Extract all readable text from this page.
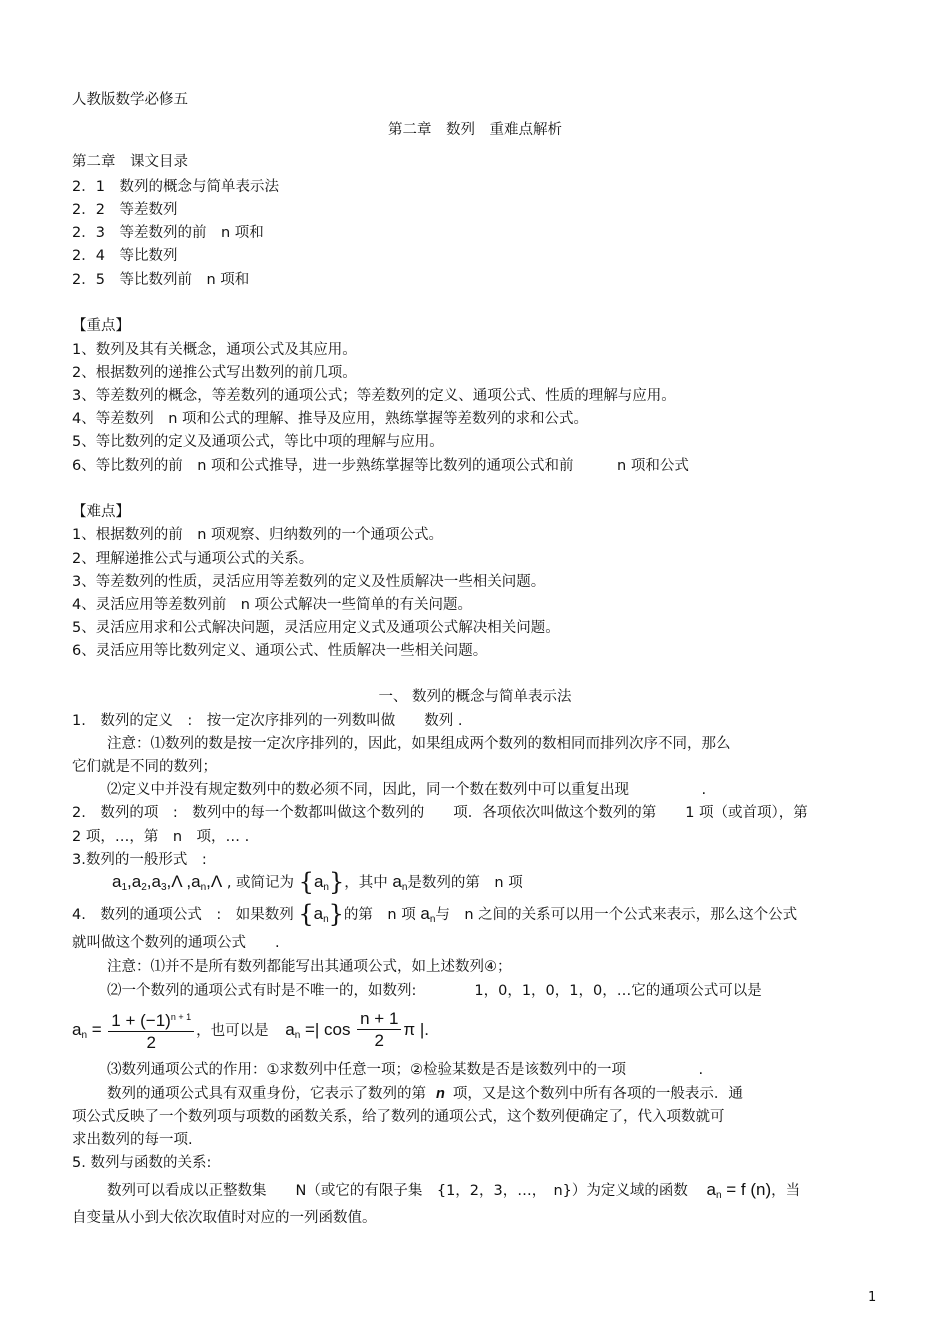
人教版数学必修五
第二章　数列　重难点解析
第二章　课文目录
2．1　数列的概念与简单表示法
2．2　等差数列
2．3　等差数列的前　n 项和
2．4　等比数列
2．5　等比数列前　n 项和
【重点】
1、数列及其有关概念，通项公式及其应用。
2、根据数列的递推公式写出数列的前几项。
3、等差数列的概念，等差数列的通项公式；等差数列的定义、通项公式、性质的理解与应用。
4、等差数列　n 项和公式的理解、推导及应用，熟练掌握等差数列的求和公式。
5、等比数列的定义及通项公式，等比中项的理解与应用。
6、等比数列的前　n 项和公式推导，进一步熟练掌握等比数列的通项公式和前　　　n 项和公式
【难点】
1、根据数列的前　n 项观察、归纳数列的一个通项公式。
2、理解递推公式与通项公式的关系。
3、等差数列的性质，灵活应用等差数列的定义及性质解决一些相关问题。
4、灵活应用等差数列前　n 项公式解决一些简单的有关问题。
5、灵活应用求和公式解决问题，灵活应用定义式及通项公式解决相关问题。
6、灵活应用等比数列定义、通项公式、性质解决一些相关问题。
一、 数列的概念与简单表示法
1.　数列的定义　:　按一定次序排列的一列数叫做　　数列 .
注意：⑴数列的数是按一定次序排列的，因此，如果组成两个数列的数相同而排列次序不同，那么
它们就是不同的数列；
⑵定义中并没有规定数列中的数必须不同，因此，同一个数在数列中可以重复出现　　　　　.
2.　数列的项　:　数列中的每一个数都叫做这个数列的　　项．各项依次叫做这个数列的第　　1 项（或首项），第
2 项，…，第　n　项，… .
3.数列的一般形式　:
$a_1,a_2,a_3,\Lambda$ $,a_n,\Lambda$ , 或简记为 $\{a_n\}$，其中 $a_n$是数列的第　n 项
4.　数列的通项公式　:　如果数列 $\{a_n\}$的第　n 项 $a_n$与　n 之间的关系可以用一个公式来表示，那么这个公式
就叫做这个数列的通项公式　　.
注意：⑴并不是所有数列都能写出其通项公式，如上述数列④；
⑵一个数列的通项公式有时是不唯一的，如数列:　　　　1，0，1，0，1，0，…它的通项公式可以是
$a_n = \frac{1 + (-1)^{n + 1}}{2}$ ，也可以是 $a_n$ =| $\cos \frac{n + 1}{2}$ π |.
⑶数列通项公式的作用：①求数列中任意一项；②检验某数是否是该数列中的一项　　　　　.
数列的通项公式具有双重身份，它表示了数列的第 n 项，又是这个数列中所有各项的一般表示．通
项公式反映了一个数列项与项数的函数关系，给了数列的通项公式，这个数列便确定了，代入项数就可
求出数列的每一项.
5. 数列与函数的关系:
数列可以看成以正整数集　　N（或它的有限子集　{1，2，3，…，　n}）为定义域的函数 $a_n = f$ (n)，当
自变量从小到大依次取值时对应的一列函数值。
1
